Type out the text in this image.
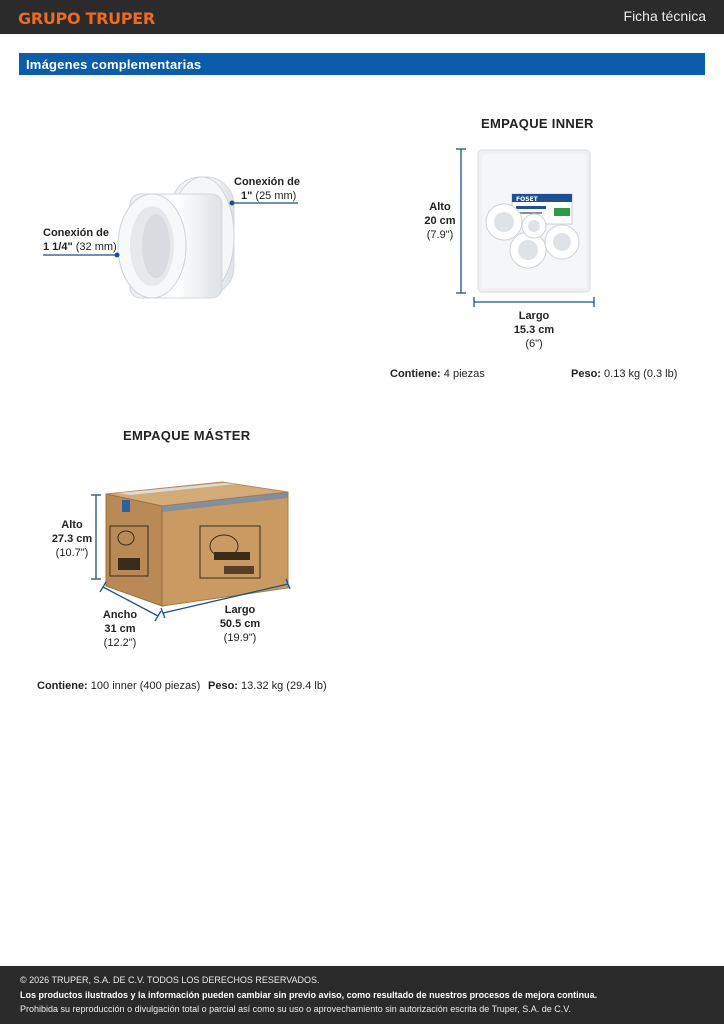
GRUPO TRUPER	Ficha técnica
Imágenes complementarias
Conexión de
1" (25 mm)
Conexión de
1 1/4" (32 mm)
EMPAQUE INNER
FOSET
Alto
20 cm
(7.9")
Largo
15.3 cm
(6")
Contiene: 4 piezas	Peso: 0.13 kg (0.3 lb)
EMPAQUE MÁSTER
Alto
27.3 cm
(10.7")
Ancho
31 cm
(12.2")
Largo
50.5 cm
(19.9")
Contiene: 100 inner (400 piezas) Peso: 13.32 kg (29.4 lb)
© 2026 TRUPER, S.A. DE C.V. TODOS LOS DERECHOS RESERVADOS.
Los productos ilustrados y la información pueden cambiar sin previo aviso, como resultado de nuestros procesos de mejora continua.
Prohibida su reproducción o divulgación total o parcial así como su uso o aprovechamiento sin autorización escrita de Truper, S.A. de C.V.
